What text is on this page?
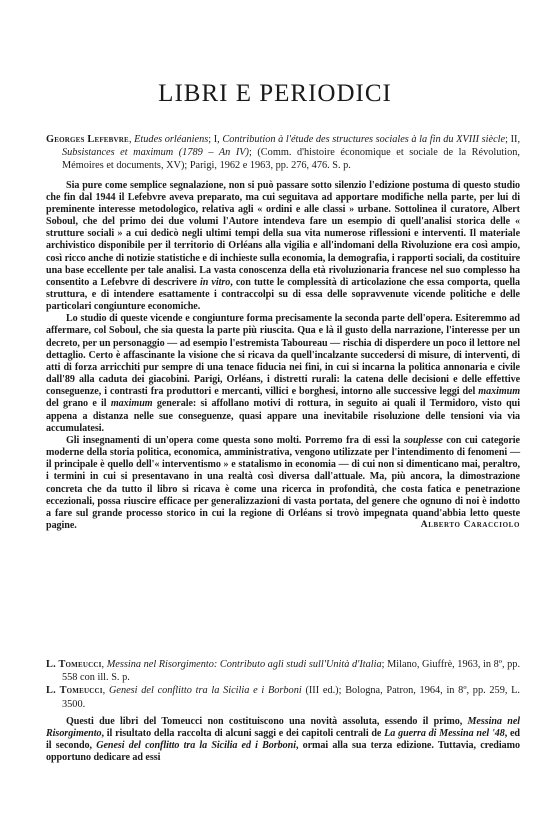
LIBRI E PERIODICI
Georges Lefebvre, Etudes orléaniens; I, Contribution à l'étude des structures sociales à la fin du XVIII siècle; II, Subsistances et maximum (1789 – An IV); (Comm. d'histoire économique et sociale de la Révolution, Mémoires et documents, XV); Parigi, 1962 e 1963, pp. 276, 476. S. p.

Sia pure come semplice segnalazione, non si può passare sotto silenzio l'edizione postuma di questo studio che fin dal 1944 il Lefebvre aveva preparato, ma cui seguitava ad apportare modifiche nella parte, per lui di preminente interesse metodologico, relativa agli « ordini e alle classi » urbane. Sottolinea il curatore, Albert Soboul, che del primo dei due volumi l'Autore intendeva fare un esempio di quell'analisi storica delle « strutture sociali » a cui dedicò negli ultimi tempi della sua vita numerose riflessioni e interventi. Il materiale archivistico disponibile per il territorio di Orléans alla vigilia e all'indomani della Rivoluzione era così ampio, così ricco anche di notizie statistiche e di inchieste sulla economia, la demografia, i rapporti sociali, da costituire una base eccellente per tale analisi. La vasta conoscenza della età rivoluzionaria francese nel suo complesso ha consentito a Lefebvre di descrivere in vitro, con tutte le complessità di articolazione che essa comporta, quella struttura, e di intendere esattamente i contraccolpi su di essa delle sopravvenute vicende politiche e delle particolari congiunture economiche.

Lo studio di queste vicende e congiunture forma precisamente la seconda parte dell'opera. Esiteremmo ad affermare, col Soboul, che sia questa la parte più riuscita. Qua e là il gusto della narrazione, l'interesse per un decreto, per un personaggio — ad esempio l'estremista Taboureau — rischia di disperdere un poco il lettore nel dettaglio. Certo è affascinante la visione che si ricava da quell'incalzante succedersi di misure, di interventi, di atti di forza arricchiti pur sempre di una tenace fiducia nei fini, in cui si incarna la politica annonaria e civile dall'89 alla caduta dei giacobini. Parigi, Orléans, i distretti rurali: la catena delle decisioni e delle effettive conseguenze, i contrasti fra produttori e mercanti, villici e borghesi, intorno alle successive leggi del maximum del grano e il maximum generale: si affollano motivi di rottura, in seguito ai quali il Termidoro, visto qui appena a distanza nelle sue conseguenze, quasi appare una inevitabile risoluzione delle tensioni via via accumulatesi.

Gli insegnamenti di un'opera come questa sono molti. Porremo fra di essi la souplesse con cui categorie moderne della storia politica, economica, amministrativa, vengono utilizzate per l'intendimento di fenomeni — il principale è quello dell'« interventismo » e statalismo in economia — di cui non si dimenticano mai, peraltro, i termini in cui si presentavano in una realtà così diversa dall'attuale. Ma, più ancora, la dimostrazione concreta che da tutto il libro si ricava è come una ricerca in profondità, che costa fatica e penetrazione eccezionali, possa riuscire efficace per generalizzazioni di vasta portata, del genere che ognuno di noi è indotto a fare sul grande processo storico in cui la regione di Orléans si trovò impegnata quand'abbia letto queste pagine.	Alberto Caracciolo
L. Tomeucci, Messina nel Risorgimento: Contributo agli studi sull'Unità d'Italia; Milano, Giuffrè, 1963, in 8º, pp. 558 con ill. S. p.
L. Tomeucci, Genesi del conflitto tra la Sicilia e i Borboni (III ed.); Bologna, Patron, 1964, in 8º, pp. 259, L. 3500.

Questi due libri del Tomeucci non costituiscono una novità assoluta, essendo il primo, Messina nel Risorgimento, il risultato della raccolta di alcuni saggi e dei capitoli centrali de La guerra di Messina nel '48, ed il secondo, Genesi del conflitto tra la Sicilia ed i Borboni, ormai alla sua terza edizione. Tuttavia, crediamo opportuno dedicare ad essi
